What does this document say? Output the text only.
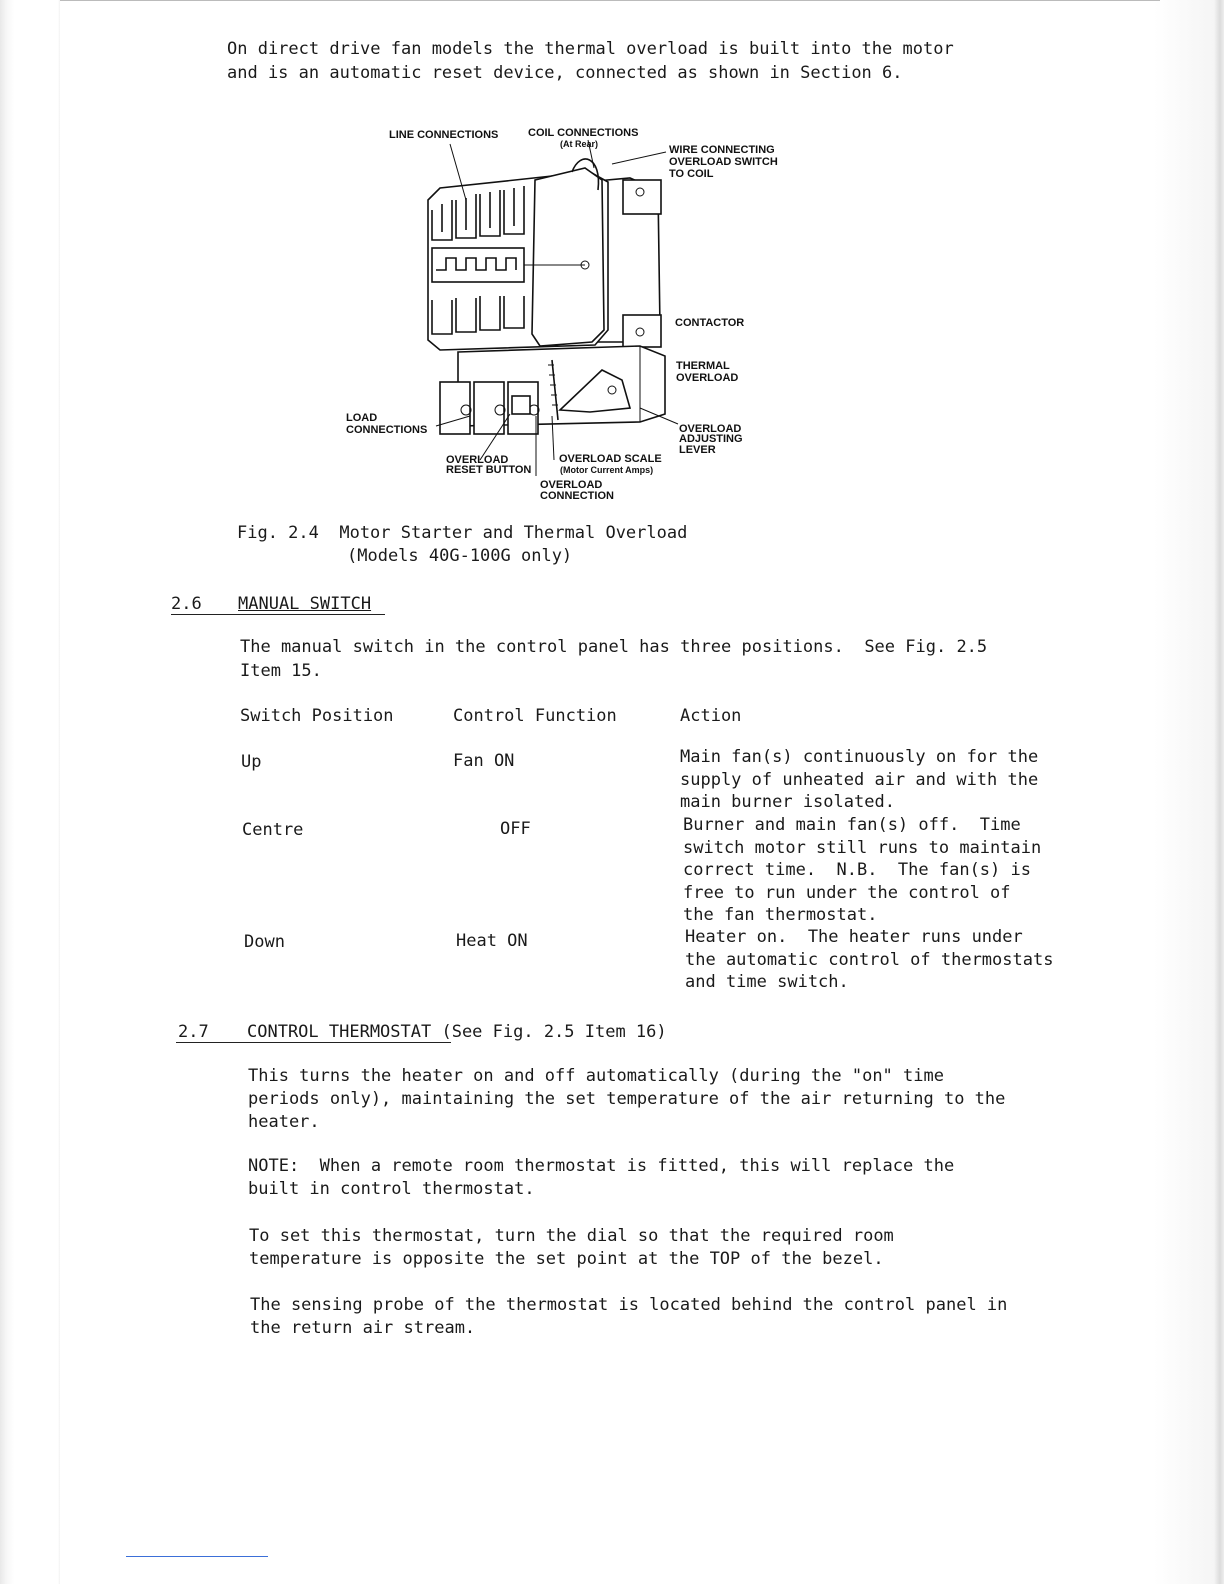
On direct drive fan models the thermal overload is built into the motor

and is an automatic reset device, connected as shown in Section 6.

LINE CONNECTIONS	COIL CONNECTIONS
(At Rear)	WIRE CONNECTING
OVERLOAD SWITCH
TO COIL
CONTACTOR
THERMAL
OVERLOAD
LOAD
CONNECTIONS	OVERLOAD
ADJUSTING
LEVER
OVERLOAD
RESET BUTTON
OVERLOAD SCALE
(Motor Current Amps)
OVERLOAD
CONNECTION

Fig. 2.4  Motor Starter and Thermal Overload

(Models 40G-100G only)

2.6 MANUAL SWITCH

The manual switch in the control panel has three positions.  See Fig. 2.5

Item 15.

Switch Position	Control Function	Action

Up	Fan ON	Main fan(s) continuously on for the
supply of unheated air and with the
main burner isolated.

Centre	OFF	Burner and main fan(s) off.  Time
switch motor still runs to maintain
correct time.  N.B.  The fan(s) is
free to run under the control of
the fan thermostat.

Down	Heat ON	Heater on.  The heater runs under
the automatic control of thermostats
and time switch.

2.7 CONTROL THERMOSTAT (See Fig. 2.5 Item 16)

This turns the heater on and off automatically (during the "on" time
periods only), maintaining the set temperature of the air returning to the
heater.

NOTE:  When a remote room thermostat is fitted, this will replace the
built in control thermostat.

To set this thermostat, turn the dial so that the required room
temperature is opposite the set point at the TOP of the bezel.

The sensing probe of the thermostat is located behind the control panel in
the return air stream.
